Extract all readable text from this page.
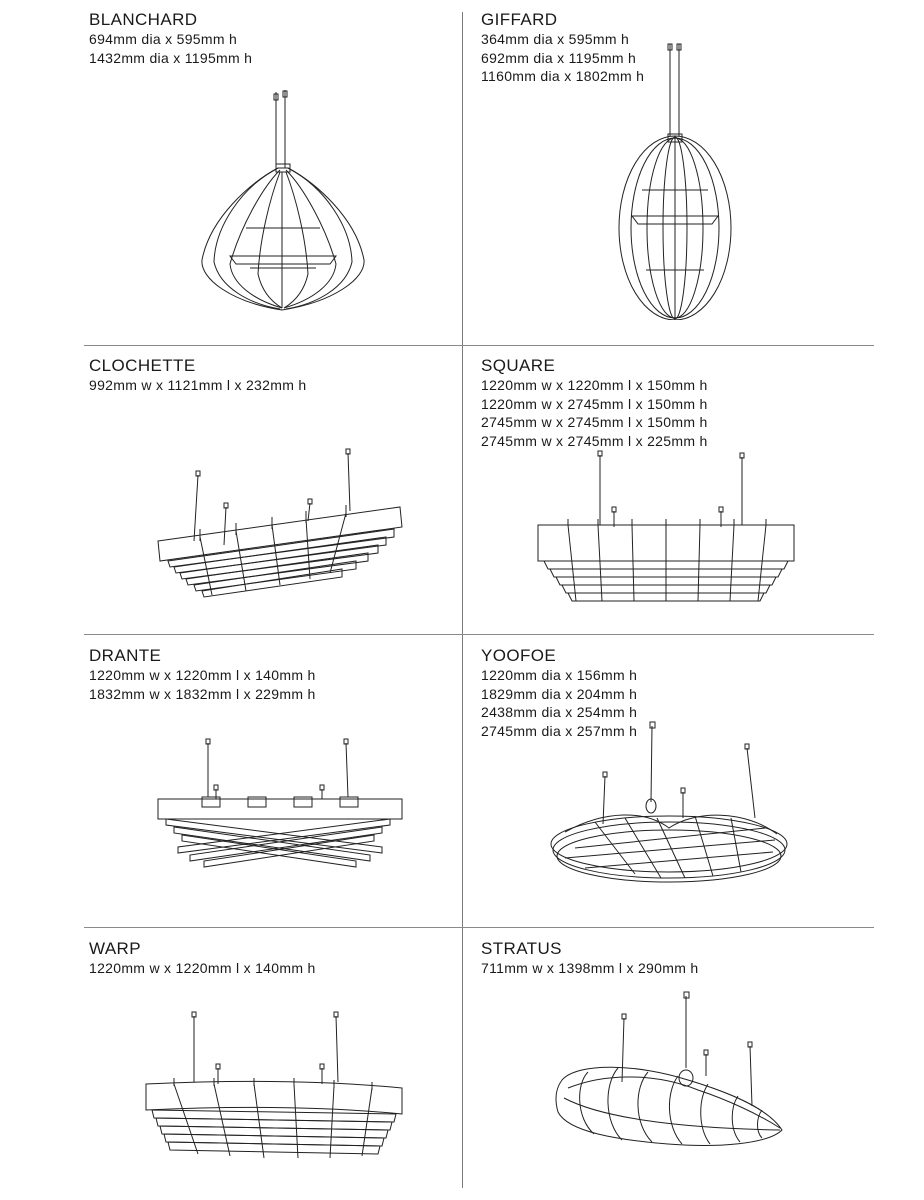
BLANCHARD
694mm dia x 595mm h
1432mm dia x 1195mm h
GIFFARD
364mm dia x 595mm h
692mm dia x 1195mm h
1160mm dia x 1802mm h
CLOCHETTE
992mm w x 1121mm l x 232mm h
SQUARE
1220mm w x 1220mm l x 150mm h
1220mm w x 2745mm l x 150mm h
2745mm w x 2745mm l x 150mm h
2745mm w x 2745mm l x 225mm h
DRANTE
1220mm w x 1220mm l x 140mm h
1832mm w x 1832mm l x 229mm h
YOOFOE
1220mm dia x 156mm h
1829mm dia x 204mm h
2438mm dia x 254mm h
2745mm dia x 257mm h
WARP
1220mm w x 1220mm l x 140mm h
STRATUS
711mm w x 1398mm l x 290mm h
